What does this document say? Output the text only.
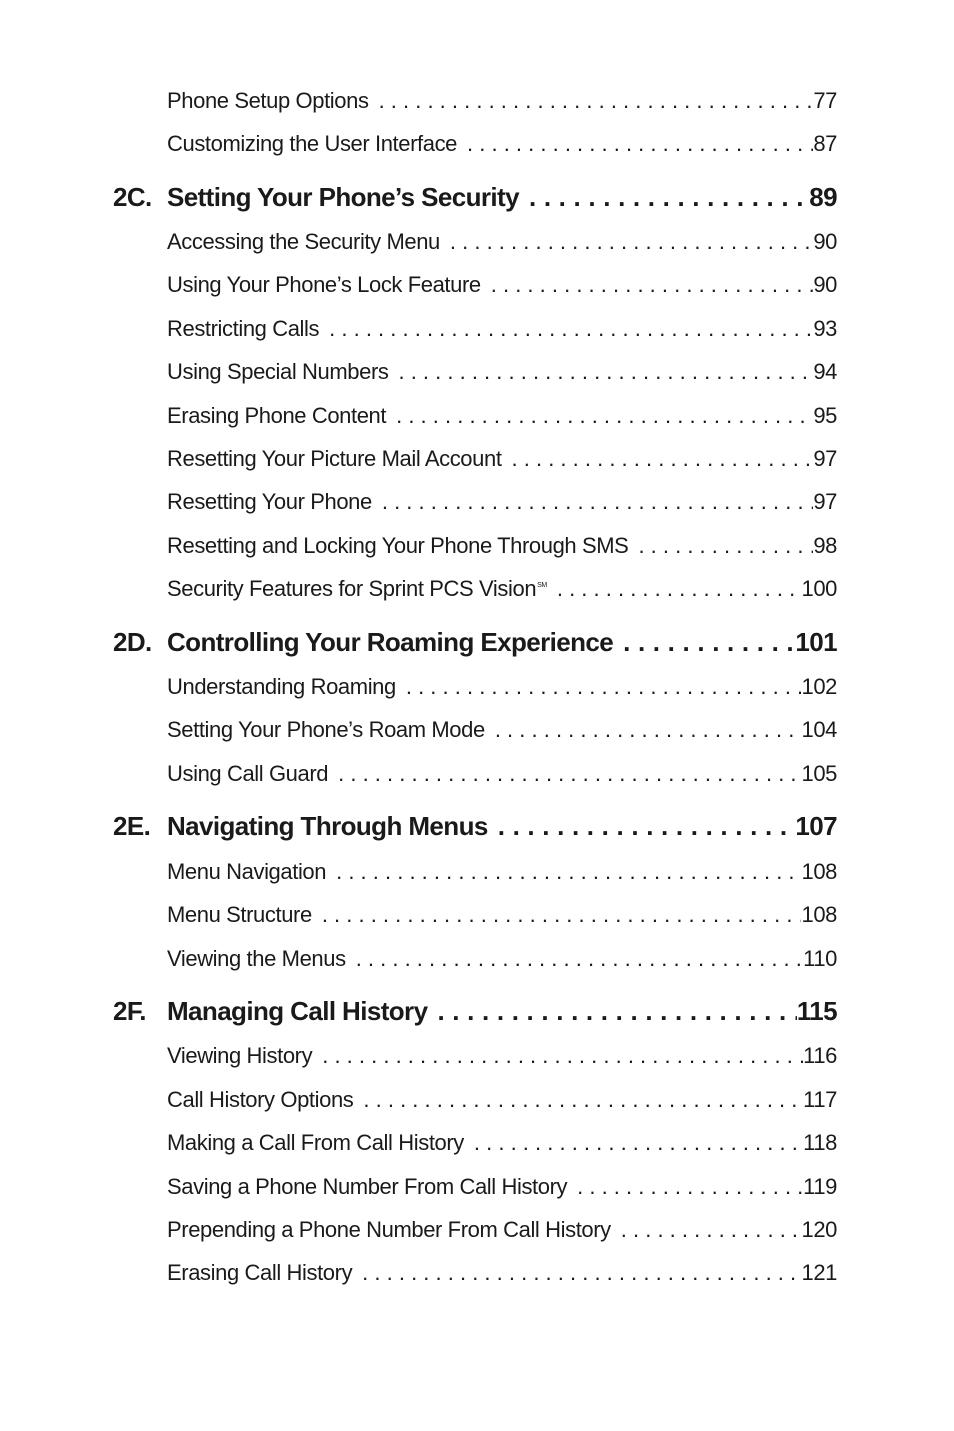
Phone Setup Options . . .	77
Customizing the User Interface . . .	87
2C. Setting Your Phone’s Security . . .	89
Accessing the Security Menu . . .	90
Using Your Phone’s Lock Feature . . .	90
Restricting Calls . . .	93
Using Special Numbers . . .	94
Erasing Phone Content . . .	95
Resetting Your Picture Mail Account . . .	97
Resetting Your Phone . . .	97
Resetting and Locking Your Phone Through SMS . . .	98
Security Features for Sprint PCS Vision℠ . . .	100
2D. Controlling Your Roaming Experience . . .	101
Understanding Roaming . . .	102
Setting Your Phone’s Roam Mode . . .	104
Using Call Guard . . .	105
2E. Navigating Through Menus . . .	107
Menu Navigation . . .	108
Menu Structure . . .	108
Viewing the Menus . . .	110
2F. Managing Call History . . .	115
Viewing History . . .	116
Call History Options . . .	117
Making a Call From Call History . . .	118
Saving a Phone Number From Call History . . .	119
Prepending a Phone Number From Call History . . .	120
Erasing Call History . . .	121
